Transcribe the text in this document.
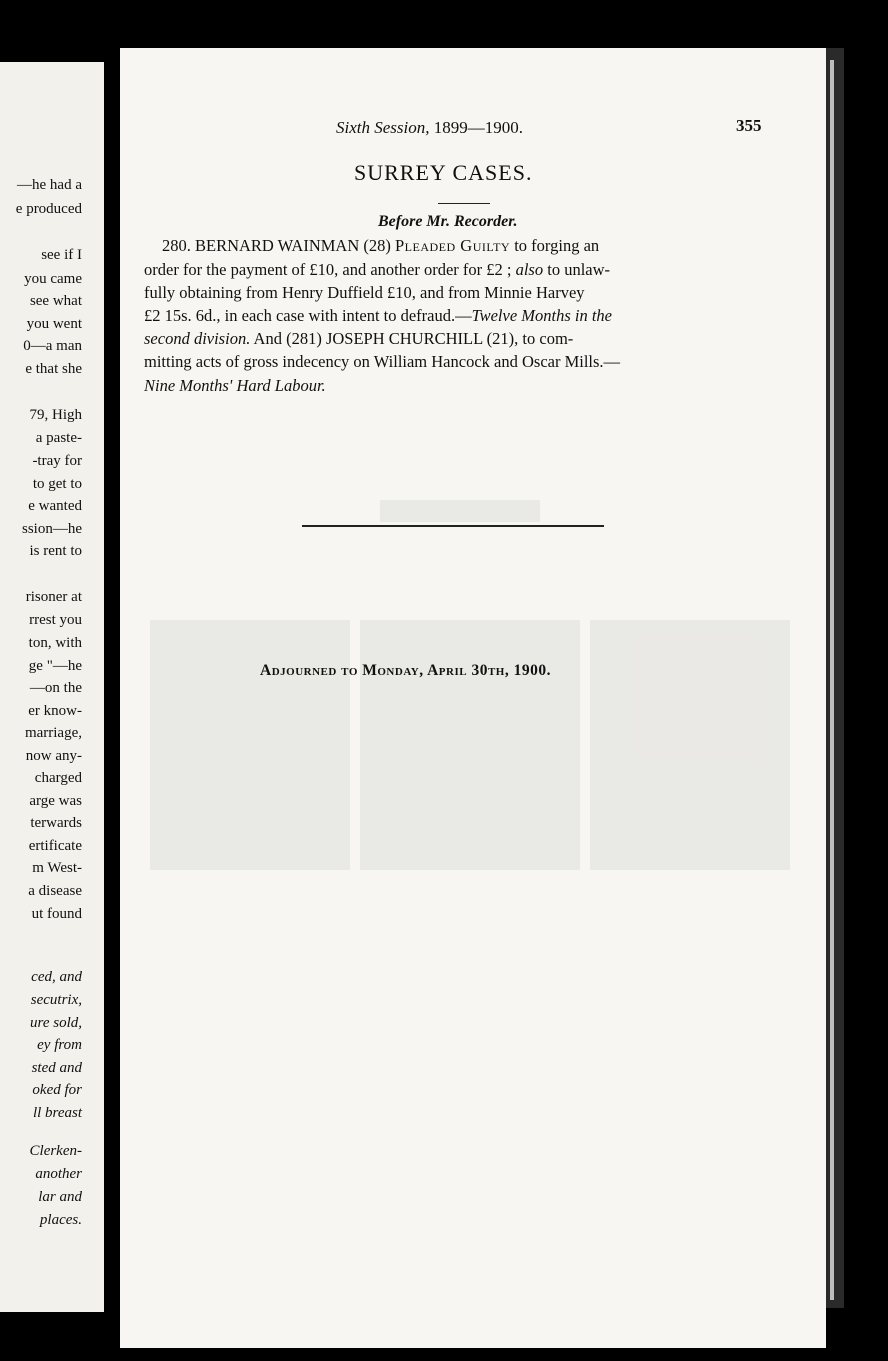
—he had a
e produced
see if I
you came
see what
you went
0—a man
e that she
79, High
a paste-
-tray for
to get to
e wanted
ssion—he
is rent to
risoner at
rrest you
ton, with
ge "—he
—on the
er know-
marriage,
now any-
charged
arge was
terwards
ertificate
m West-
a disease
ut found
ced, and
secutrix,
ure sold,
ey from
sted and
oked for
ll breast
Clerken-
another
lar and
places.
Sixth Session, 1899—1900.	355
SURREY CASES.
Before Mr. Recorder.
280. BERNARD WAINMAN (28) Pleaded Guilty to forging an
order for the payment of £10, and another order for £2 ; also to unlaw-
fully obtaining from Henry Duffield £10, and from Minnie Harvey
£2 15s. 6d., in each case with intent to defraud.—Twelve Months in the
second division. And (281) JOSEPH CHURCHILL (21), to com-
mitting acts of gross indecency on William Hancock and Oscar Mills.—
Nine Months' Hard Labour.
Adjourned to Monday, April 30th, 1900.
